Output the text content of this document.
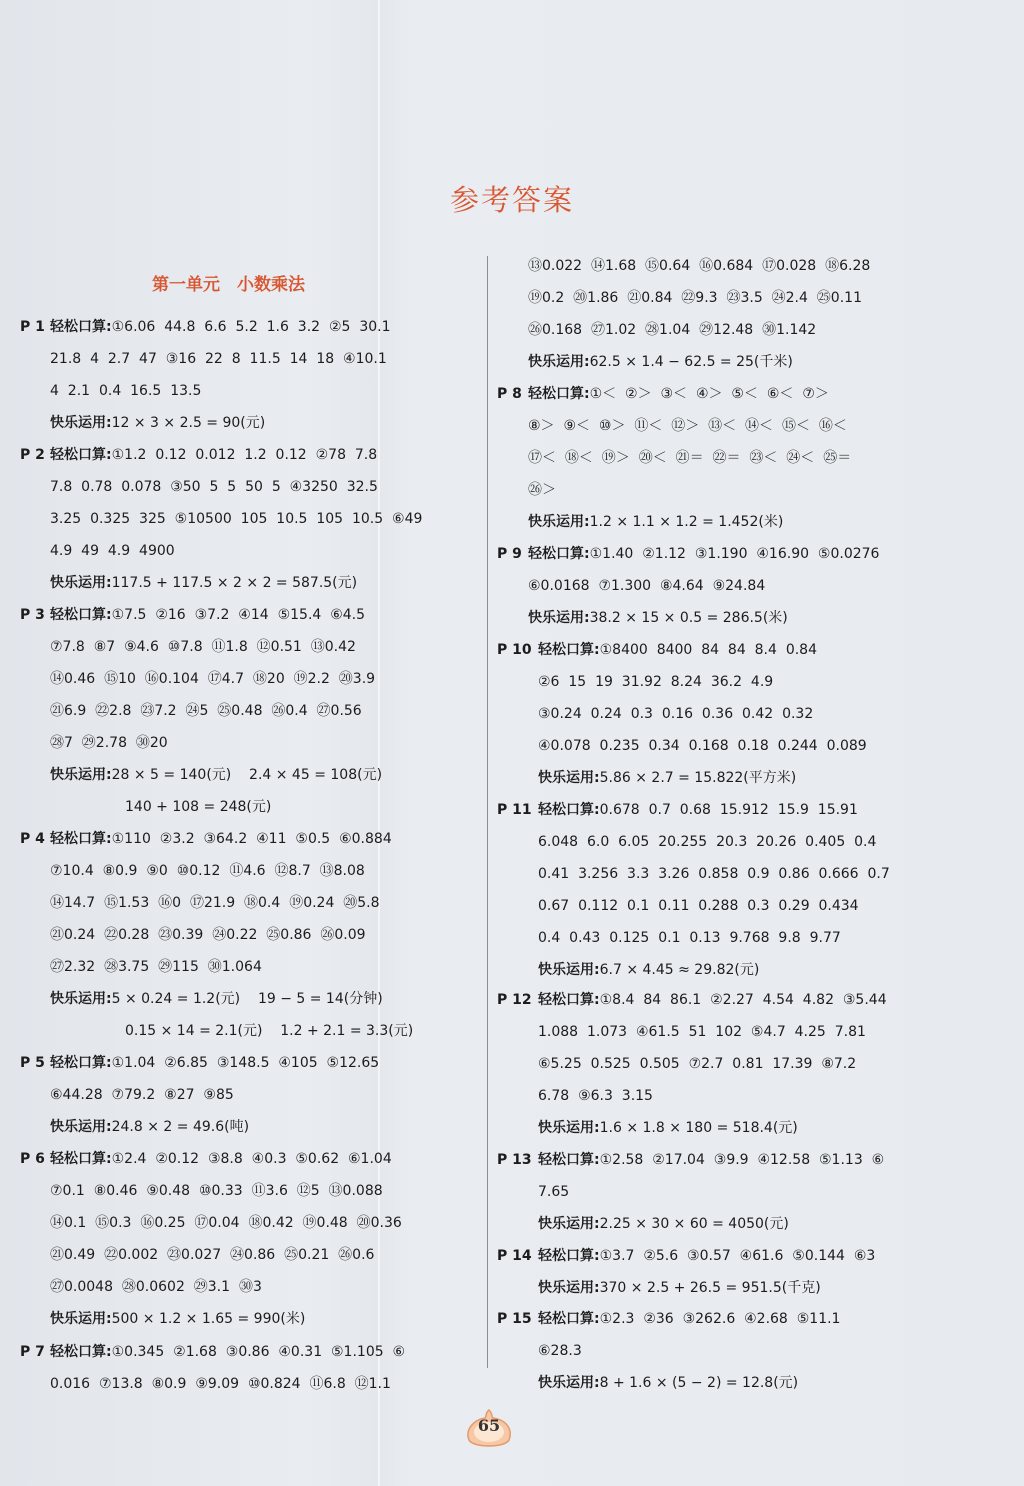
参考答案
第一单元　小数乘法
P 1 轻松口算:①6.06  44.8  6.6  5.2  1.6  3.2  ②5  30.1
21.8  4  2.7  47  ③16  22  8  11.5  14  18  ④10.1
4  2.1  0.4  16.5  13.5
快乐运用:12 × 3 × 2.5 = 90(元)
P 2 轻松口算:①1.2  0.12  0.012  1.2  0.12  ②78  7.8
7.8  0.78  0.078  ③50  5  5  50  5  ④3250  32.5
3.25  0.325  325  ⑤10500  105  10.5  105  10.5  ⑥49
4.9  49  4.9  4900
快乐运用:117.5 + 117.5 × 2 × 2 = 587.5(元)
P 3 轻松口算:①7.5  ②16  ③7.2  ④14  ⑤15.4  ⑥4.5
⑦7.8  ⑧7  ⑨4.6  ⑩7.8  ⑪1.8  ⑫0.51  ⑬0.42
⑭0.46  ⑮10  ⑯0.104  ⑰4.7  ⑱20  ⑲2.2  ⑳3.9
㉑6.9  ㉒2.8  ㉓7.2  ㉔5  ㉕0.48  ㉖0.4  ㉗0.56
㉘7  ㉙2.78  ㉚20
快乐运用:28 × 5 = 140(元)    2.4 × 45 = 108(元)
140 + 108 = 248(元)
P 4 轻松口算:①110  ②3.2  ③64.2  ④11  ⑤0.5  ⑥0.884
⑦10.4  ⑧0.9  ⑨0  ⑩0.12  ⑪4.6  ⑫8.7  ⑬8.08
⑭14.7  ⑮1.53  ⑯0  ⑰21.9  ⑱0.4  ⑲0.24  ⑳5.8
㉑0.24  ㉒0.28  ㉓0.39  ㉔0.22  ㉕0.86  ㉖0.09
㉗2.32  ㉘3.75  ㉙115  ㉚1.064
快乐运用:5 × 0.24 = 1.2(元)    19 − 5 = 14(分钟)
0.15 × 14 = 2.1(元)    1.2 + 2.1 = 3.3(元)
P 5 轻松口算:①1.04  ②6.85  ③148.5  ④105  ⑤12.65
⑥44.28  ⑦79.2  ⑧27  ⑨85
快乐运用:24.8 × 2 = 49.6(吨)
P 6 轻松口算:①2.4  ②0.12  ③8.8  ④0.3  ⑤0.62  ⑥1.04
⑦0.1  ⑧0.46  ⑨0.48  ⑩0.33  ⑪3.6  ⑫5  ⑬0.088
⑭0.1  ⑮0.3  ⑯0.25  ⑰0.04  ⑱0.42  ⑲0.48  ⑳0.36
㉑0.49  ㉒0.002  ㉓0.027  ㉔0.86  ㉕0.21  ㉖0.6
㉗0.0048  ㉘0.0602  ㉙3.1  ㉚3
快乐运用:500 × 1.2 × 1.65 = 990(米)
P 7 轻松口算:①0.345  ②1.68  ③0.86  ④0.31  ⑤1.105  ⑥
0.016  ⑦13.8  ⑧0.9  ⑨9.09  ⑩0.824  ⑪6.8  ⑫1.1
⑬0.022  ⑭1.68  ⑮0.64  ⑯0.684  ⑰0.028  ⑱6.28
⑲0.2  ⑳1.86  ㉑0.84  ㉒9.3  ㉓3.5  ㉔2.4  ㉕0.11
㉖0.168  ㉗1.02  ㉘1.04  ㉙12.48  ㉚1.142
快乐运用:62.5 × 1.4 − 62.5 = 25(千米)
P 8 轻松口算:①＜  ②＞  ③＜  ④＞  ⑤＜  ⑥＜  ⑦＞
⑧＞  ⑨＜  ⑩＞  ⑪＜  ⑫＞  ⑬＜  ⑭＜  ⑮＜  ⑯＜
⑰＜  ⑱＜  ⑲＞  ⑳＜  ㉑＝  ㉒＝  ㉓＜  ㉔＜  ㉕＝
㉖＞
快乐运用:1.2 × 1.1 × 1.2 = 1.452(米)
P 9 轻松口算:①1.40  ②1.12  ③1.190  ④16.90  ⑤0.0276
⑥0.0168  ⑦1.300  ⑧4.64  ⑨24.84
快乐运用:38.2 × 15 × 0.5 = 286.5(米)
P 10 轻松口算:①8400  8400  84  84  8.4  0.84
②6  15  19  31.92  8.24  36.2  4.9
③0.24  0.24  0.3  0.16  0.36  0.42  0.32
④0.078  0.235  0.34  0.168  0.18  0.244  0.089
快乐运用:5.86 × 2.7 = 15.822(平方米)
P 11 轻松口算:0.678  0.7  0.68  15.912  15.9  15.91
6.048  6.0  6.05  20.255  20.3  20.26  0.405  0.4
0.41  3.256  3.3  3.26  0.858  0.9  0.86  0.666  0.7
0.67  0.112  0.1  0.11  0.288  0.3  0.29  0.434
0.4  0.43  0.125  0.1  0.13  9.768  9.8  9.77
快乐运用:6.7 × 4.45 ≈ 29.82(元)
P 12 轻松口算:①8.4  84  86.1  ②2.27  4.54  4.82  ③5.44
1.088  1.073  ④61.5  51  102  ⑤4.7  4.25  7.81
⑥5.25  0.525  0.505  ⑦2.7  0.81  17.39  ⑧7.2
6.78  ⑨6.3  3.15
快乐运用:1.6 × 1.8 × 180 = 518.4(元)
P 13 轻松口算:①2.58  ②17.04  ③9.9  ④12.58  ⑤1.13  ⑥
7.65
快乐运用:2.25 × 30 × 60 = 4050(元)
P 14 轻松口算:①3.7  ②5.6  ③0.57  ④61.6  ⑤0.144  ⑥3
快乐运用:370 × 2.5 + 26.5 = 951.5(千克)
P 15 轻松口算:①2.3  ②36  ③262.6  ④2.68  ⑤11.1
⑥28.3
快乐运用:8 + 1.6 × (5 − 2) = 12.8(元)
65
